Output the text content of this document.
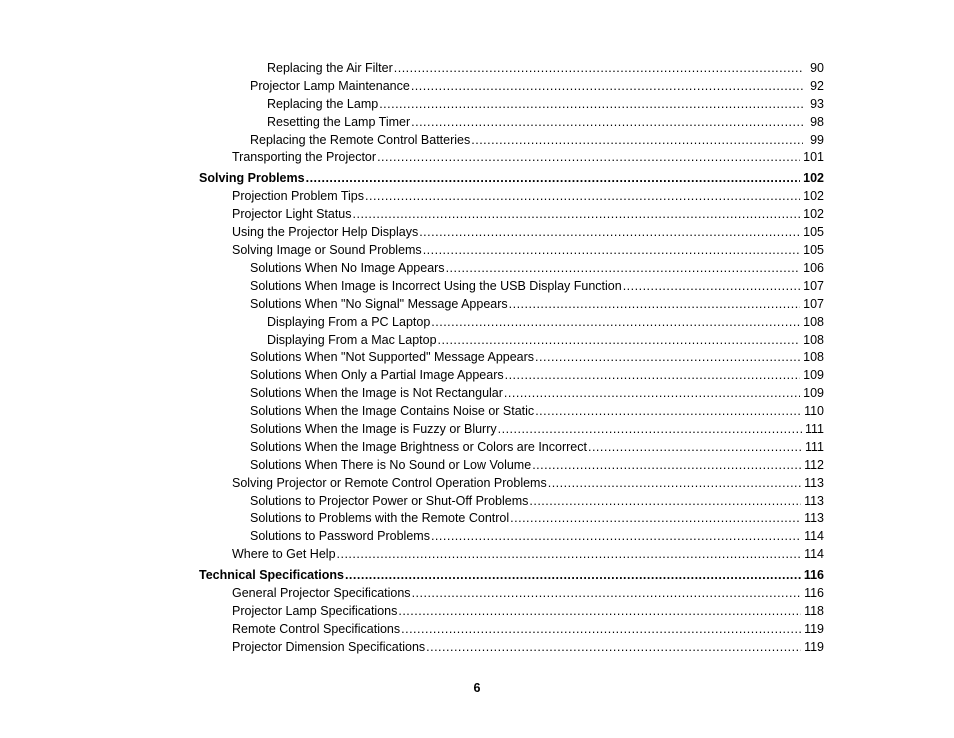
Replacing the Air Filter .....	90
Projector Lamp Maintenance .....	92
Replacing the Lamp .....	93
Resetting the Lamp Timer .....	98
Replacing the Remote Control Batteries .....	99
Transporting the Projector .....	101
Solving Problems .....	102
Projection Problem Tips .....	102
Projector Light Status .....	102
Using the Projector Help Displays .....	105
Solving Image or Sound Problems .....	105
Solutions When No Image Appears .....	106
Solutions When Image is Incorrect Using the USB Display Function .....	107
Solutions When "No Signal" Message Appears .....	107
Displaying From a PC Laptop .....	108
Displaying From a Mac Laptop .....	108
Solutions When "Not Supported" Message Appears .....	108
Solutions When Only a Partial Image Appears .....	109
Solutions When the Image is Not Rectangular .....	109
Solutions When the Image Contains Noise or Static .....	110
Solutions When the Image is Fuzzy or Blurry .....	111
Solutions When the Image Brightness or Colors are Incorrect .....	111
Solutions When There is No Sound or Low Volume .....	112
Solving Projector or Remote Control Operation Problems .....	113
Solutions to Projector Power or Shut-Off Problems .....	113
Solutions to Problems with the Remote Control .....	113
Solutions to Password Problems .....	114
Where to Get Help .....	114
Technical Specifications .....	116
General Projector Specifications .....	116
Projector Lamp Specifications .....	118
Remote Control Specifications .....	119
Projector Dimension Specifications .....	119
6
